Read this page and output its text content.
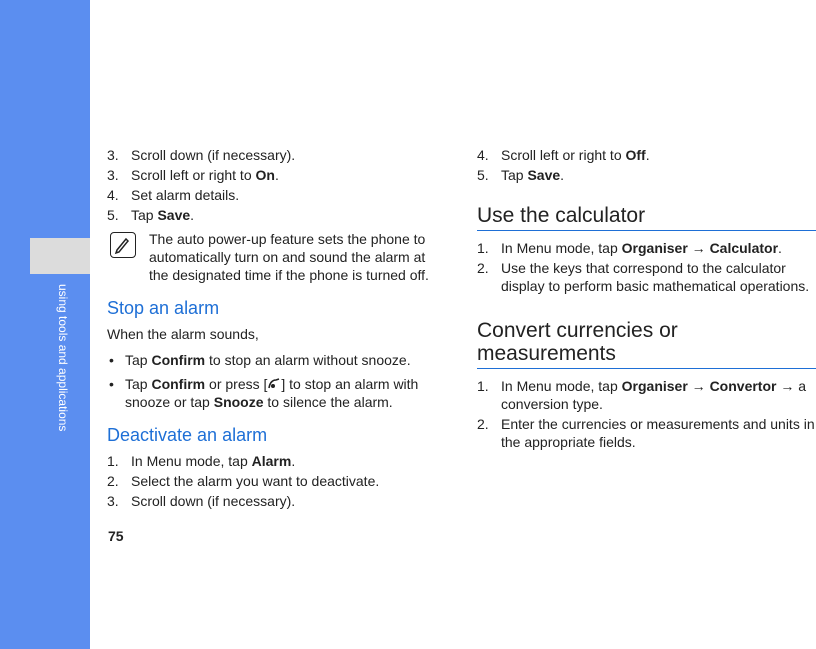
using tools and applications
75
3. Scroll down (if necessary).
3. Scroll left or right to On.
4. Set alarm details.
5. Tap Save.
The auto power-up feature sets the phone to automatically turn on and sound the alarm at the designated time if the phone is turned off.
Stop an alarm
When the alarm sounds,
• Tap Confirm to stop an alarm without snooze.
• Tap Confirm or press [ ] to stop an alarm with snooze or tap Snooze to silence the alarm.
Deactivate an alarm
1. In Menu mode, tap Alarm.
2. Select the alarm you want to deactivate.
3. Scroll down (if necessary).
4. Scroll left or right to Off.
5. Tap Save.
Use the calculator
1. In Menu mode, tap Organiser → Calculator.
2. Use the keys that correspond to the calculator display to perform basic mathematical operations.
Convert currencies or measurements
1. In Menu mode, tap Organiser → Convertor → a conversion type.
2. Enter the currencies or measurements and units in the appropriate fields.
